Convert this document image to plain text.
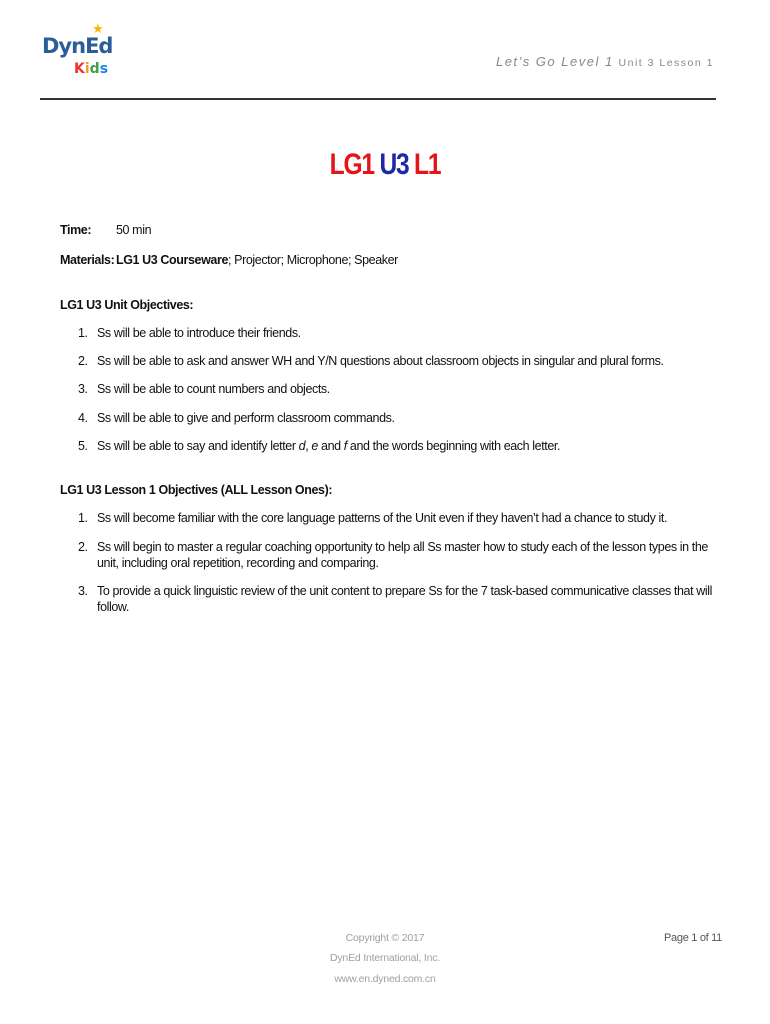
★
DynEd
Kids	Let’s Go Level 1 Unit 3 Lesson 1
LG1 U3 L1
Time:	50 min
Materials: LG1 U3 Courseware; Projector; Microphone; Speaker
LG1 U3 Unit Objectives:
1. Ss will be able to introduce their friends.
2. Ss will be able to ask and answer WH and Y/N questions about classroom objects in singular and plural forms.
3. Ss will be able to count numbers and objects.
4. Ss will be able to give and perform classroom commands.
5. Ss will be able to say and identify letter d, e and f and the words beginning with each letter.
LG1 U3 Lesson 1 Objectives (ALL Lesson Ones):
1. Ss will become familiar with the core language patterns of the Unit even if they haven’t had a chance to study it.
2. Ss will begin to master a regular coaching opportunity to help all Ss master how to study each of the lesson types in the unit, including oral repetition, recording and comparing.
3. To provide a quick linguistic review of the unit content to prepare Ss for the 7 task-based communicative classes that will follow.
Copyright © 2017
DynEd International, Inc.
www.en.dyned.com.cn
Page 1 of 11
